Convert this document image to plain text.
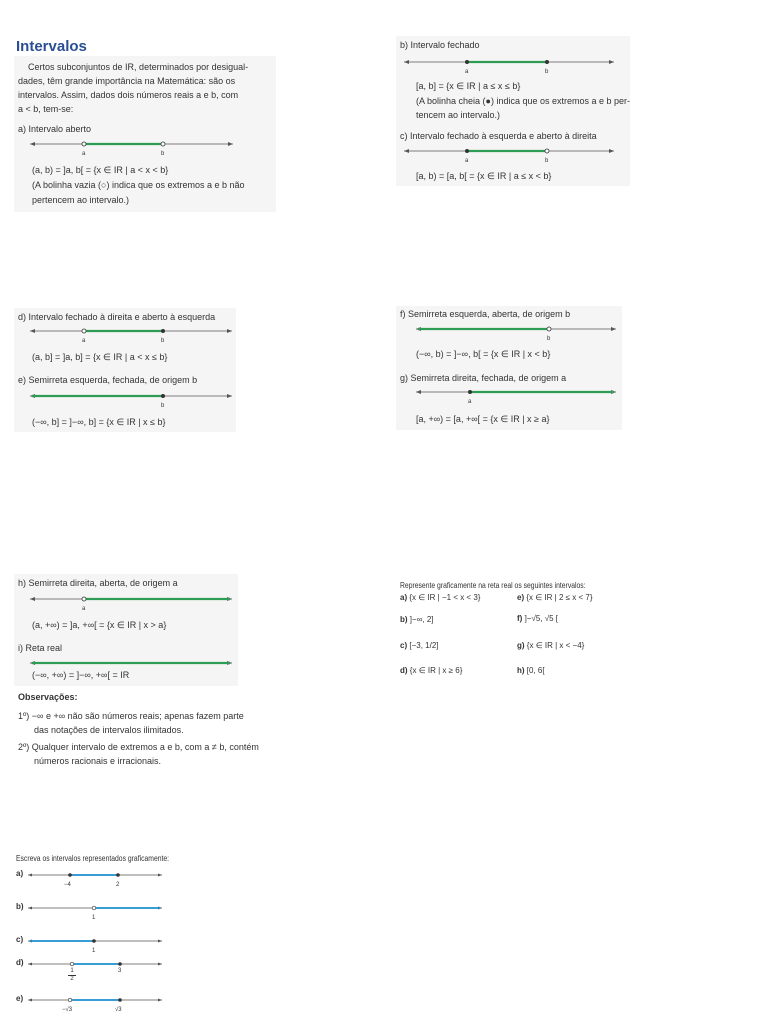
Intervalos
Certos subconjuntos de IR, determinados por desigual-
dades, têm grande importância na Matemática: são os
intervalos. Assim, dados dois números reais a e b, com
a < b, tem-se:
a) Intervalo aberto
a	b
(a, b) = ]a, b[ = {x ∈ IR | a < x < b}
(A bolinha vazia (○) indica que os extremos a e b não
pertencem ao intervalo.)
b) Intervalo fechado
a	b
[a, b] = {x ∈ IR | a ≤ x ≤ b}
(A bolinha cheia (●) indica que os extremos a e b per-
tencem ao intervalo.)
c) Intervalo fechado à esquerda e aberto à direita
a	b
[a, b) = [a, b[ = {x ∈ IR | a ≤ x < b}
d) Intervalo fechado à direita e aberto à esquerda
a	b
(a, b] = ]a, b] = {x ∈ IR | a < x ≤ b}
e) Semirreta esquerda, fechada, de origem b
b
(−∞, b] = ]−∞, b] = {x ∈ IR | x ≤ b}
f) Semirreta esquerda, aberta, de origem b
b
(−∞, b) = ]−∞, b[ = {x ∈ IR | x < b}
g) Semirreta direita, fechada, de origem a
a
[a, +∞) = [a, +∞[ = {x ∈ IR | x ≥ a}
h) Semirreta direita, aberta, de origem a
a
(a, +∞) = ]a, +∞[ = {x ∈ IR | x > a}
i) Reta real
(−∞, +∞) = ]−∞, +∞[ = IR
Observações:
1º) −∞ e +∞ não são números reais; apenas fazem parte
das notações de intervalos ilimitados.
2º) Qualquer intervalo de extremos a e b, com a ≠ b, contém
números racionais e irracionais.
Represente graficamente na reta real os seguintes intervalos:
a) {x ∈ IR | −1 < x < 3}	e) {x ∈ IR | 2 ≤ x < 7}
b) ]−∞, 2]	f) ]−√5, √5 [
c) [−3, 1/2]	g) {x ∈ IR | x < −4}
d) {x ∈ IR | x ≥ 6}	h) [0, 6[
Escreva os intervalos representados graficamente:
a)
−4	2
b)
1
c)
1
d)
1
2
3
e)
−√3	√3
